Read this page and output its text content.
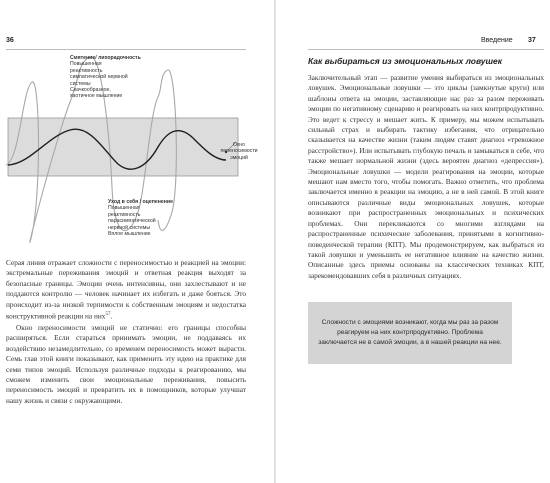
36
Смятение/ лихорадочность
Повышенная
реактивность
симпатической нервной
системы
Скачкообразное,
хаотичное мышление
Окно
переносимости
эмоций
Уход в себя / оцепенение
Повышенная
реактивность
парасимпатической
нервной системы
Вялое мышление

Серая линия отражает сложности с переносимостью и реакцией на эмоции: экстремальные переживания эмоций и ответная реакция выходят за безопасные границы. Эмоции очень интенсивны, они захлестывают и не поддаются контролю — человек начинает их избегать и даже бояться. Это происходит из-за низкой терпимости к собственным эмоциям и недостатка конструктивной реакции на них$^{57}$.

Окно переносимости эмоций не статично: его границы способны расширяться. Если стараться принимать эмоции, не поддаваясь их воздействию незамедлительно, со временем переносимость может вырасти. Семь глав этой книги показывают, как применить эту идею на практике для семи типов эмоций. Используя различные подходы к реагированию, мы сможем изменить свои эмоциональные переживания, повысить переносимость эмоций и превратить их в помощников, которые улучшат нашу жизнь и связи с окружающими.

Введение 37
Как выбираться из эмоциональных ловушек

Заключительный этап — развитие умения выбираться из эмоциональных ловушек. Эмоциональные ловушки — это циклы (замкнутые круги) или шаблоны ответа на эмоции, заставляющие нас раз за разом переживать эмоции по негативному сценарию и реагировать на них контрпродуктивно. Это ведет к стрессу и мешает жить. К примеру, мы можем испытывать сильный страх и выбирать тактику избегания, что отрицательно сказывается на качестве жизни (таким людям ставят диагноз «тревожное расстройство»). Или испытывать глубокую печаль и замыкаться в себе, что также мешает нормальной жизни (здесь вероятен диагноз «депрессия»). Эмоциональные ловушки — модели реагирования на эмоции, которые мешают нам вместо того, чтобы помогать. Важно отметить, что проблема заключается именно в реакции на эмоцию, а не в ней самой. В этой книге описываются различные виды эмоциональных ловушек, которые возникают при распространенных эмоциональных и психических проблемах. Они перекликаются со многими взглядами на распространенные психические заболевания, принятыми в когнитивно-поведенческой терапии (КПТ). Мы продемонстрируем, как выбраться из такой ловушки и уменьшить ее негативное влияние на качество жизни. Описанные здесь приемы основаны на классических техниках КПТ, зарекомендовавших себя в различных ситуациях.

Сложности с эмоциями возникают, когда мы раз за разом реагируем на них контрпродуктивно. Проблема заключается не в самой эмоции, а в нашей реакции на нее.
